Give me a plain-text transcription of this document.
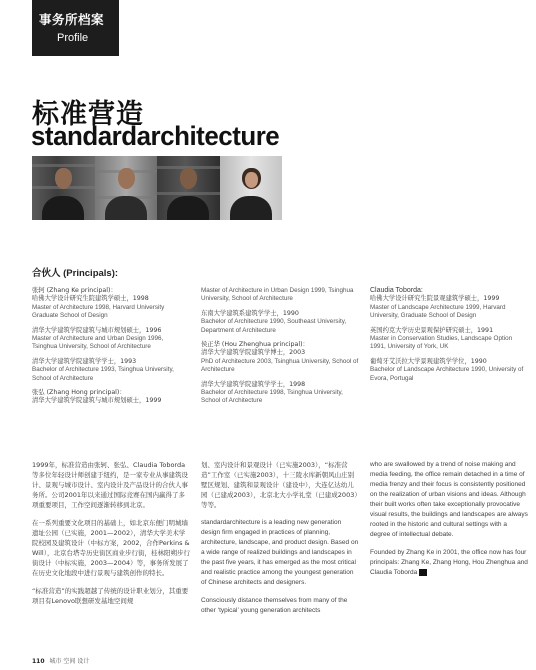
事务所档案
Profile
标准营造
standardarchitecture
合伙人 (Principals):

张轲 (Zhang Ke principal)：
哈佛大学设计研究生院建筑学硕士，1998
Master of Architecture 1998, Harvard University Graduate School of Design

清华大学建筑学院建筑与城市规划硕士，1996
Master of Architecture and Urban Design 1996, Tsinghua University, School of Architecture

清华大学建筑学院建筑学学士，1993
Bachelor of Architecture 1993, Tsinghua University, School of Architecture

张弘 (Zhang Hong principal)：
清华大学建筑学院建筑与城市规划硕士，1999

Master of Architecture in Urban Design 1999, Tsinghua University, School of Architecture

东南大学建筑系建筑学学士，1990
Bachelor of Architecture 1990, Southeast University, Department of Architecture

侯正华 (Hou Zhenghua principal)：
清华大学建筑学院建筑学博士，2003
PhD of Architecture 2003, Tsinghua University, School of Architecture

清华大学建筑学院建筑学学士，1998
Bachelor of Architecture 1998, Tsinghua University, School of Architecture

Claudia Toborda:
哈佛大学设计研究生院景观建筑学硕士，1999
Master of Landscape Architecture 1999, Harvard University, Graduate School of Design

英国约克大学历史景观保护研究硕士，1991
Master in Conservation Studies, Landscape Option 1991, University of York, UK

葡萄牙艾沃拉大学景观建筑学学位，1990
Bachelor of Landscape Architecture 1990, University of Evora, Portugal

1999年，标准营造由张轲、张弘、Claudia Toborda等多位年轻设计师创建于纽约，是一家专业从事建筑设计、景观与城市设计、室内设计及产品设计的合伙人事务所。公司2001年以来通过国际竞赛在国内赢得了多项重要项目，工作空间逐渐转移到北京。

在一系列重要文化项目的基础上，如北京东便门明城墙遗址公园（已实施，2001—2002），清华大学美术学院校园及建筑设计（中标方案，2002，合作Perkins & Will），北京台塔寺历史街区商业步行街，桂林阳朔步行街设计（中标实施，2003—2004）等，事务所发展了在历史文化地段中进行景观与建筑创作的特长。

“标准营造”的实践超越了传统的设计职业划分，其重要项目有Lenovo联想研发基地空间规

划、室内设计和景观设计（已实施2003），“标准营造”工作室（已实施2003），十三陵水库新朝风山庄别墅区规划、建筑和景观设计（建设中），大连亿达幼儿园（已建成2003），北京北大小学礼堂（已建成2003）等等。

standardarchitecture is a leading new generation design firm engaged in practices of planning, architecture, landscape, and product design. Based on a wide range of realized buildings and landscapes in the past five years, it has emerged as the most critical and realistic practice among the youngest generation of Chinese architects and designers.

Consciously distance themselves from many of the other ‘typical’ young generation architects

who are swallowed by a trend of noise making and media feeding, the office remain detached in a time of media frenzy and their focus is consistently positioned on the realization of urban visions and ideas. Although their built works often take exceptionally provocative visual results, the buildings and landscapes are always rooted in the historic and cultural settings with a degree of intellectual debate.

Founded by Zhang Ke in 2001, the office now has four principals: Zhang Ke, Zhang Hong, Hou Zhenghua and Claudia Toborda

110 城市 空间 设计
